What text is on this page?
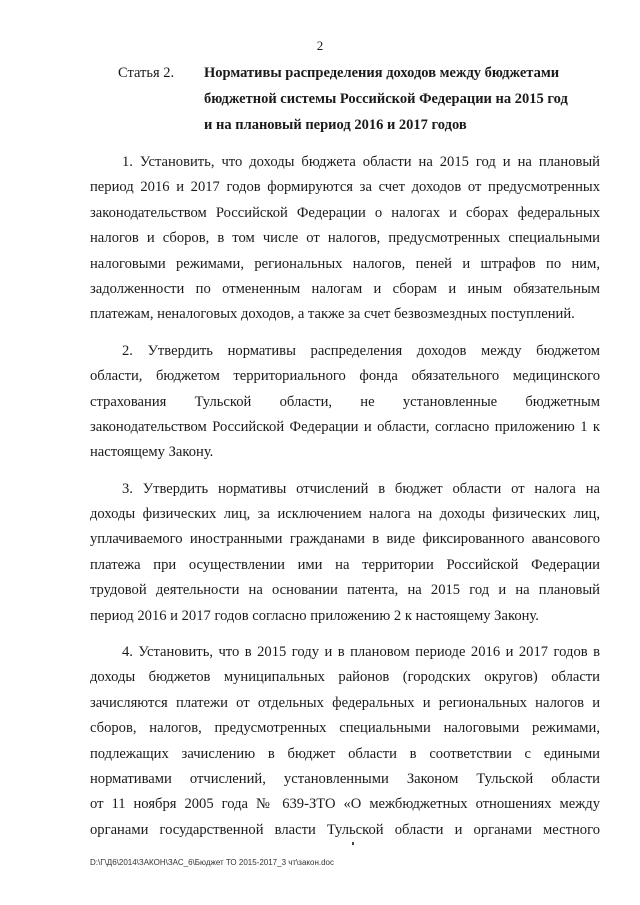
2
Статья 2. Нормативы распределения доходов между бюджетами
бюджетной системы Российской Федерации на 2015 год
и на плановый период 2016 и 2017 годов
1. Установить, что доходы бюджета области на 2015 год и на плановый
период 2016 и 2017 годов формируются за счет доходов от предусмотренных
законодательством Российской Федерации о налогах и сборах федеральных
налогов и сборов, в том числе от налогов, предусмотренных специальными
налоговыми режимами, региональных налогов, пеней и штрафов по ним,
задолженности по отмененным налогам и сборам и иным обязательным
платежам, неналоговых доходов, а также за счет безвозмездных поступлений.
2. Утвердить нормативы распределения доходов между бюджетом
области, бюджетом территориального фонда обязательного медицинского
страхования Тульской области, не установленные бюджетным
законодательством Российской Федерации и области, согласно приложению 1 к
настоящему Закону.
3. Утвердить нормативы отчислений в бюджет области от налога на
доходы физических лиц, за исключением налога на доходы физических лиц,
уплачиваемого иностранными гражданами в виде фиксированного авансового
платежа при осуществлении ими на территории Российской Федерации
трудовой деятельности на основании патента, на 2015 год и на плановый
период 2016 и 2017 годов согласно приложению 2 к настоящему Закону.
4. Установить, что в 2015 году и в плановом периоде 2016 и 2017 годов в
доходы бюджетов муниципальных районов (городских округов) области
зачисляются платежи от отдельных федеральных и региональных налогов и
сборов, налогов, предусмотренных специальными налоговыми режимами,
подлежащих зачислению в бюджет области в соответствии с едиными
нормативами отчислений, установленными Законом Тульской области
от 11 ноября 2005 года № 639-ЗТО «О межбюджетных отношениях между
органами государственной власти Тульской области и органами местного
D:\Г\Д6\2014\ЗАКОН\ЗАС_6\Бюджет ТО 2015-2017_3 чт\закон.doc
